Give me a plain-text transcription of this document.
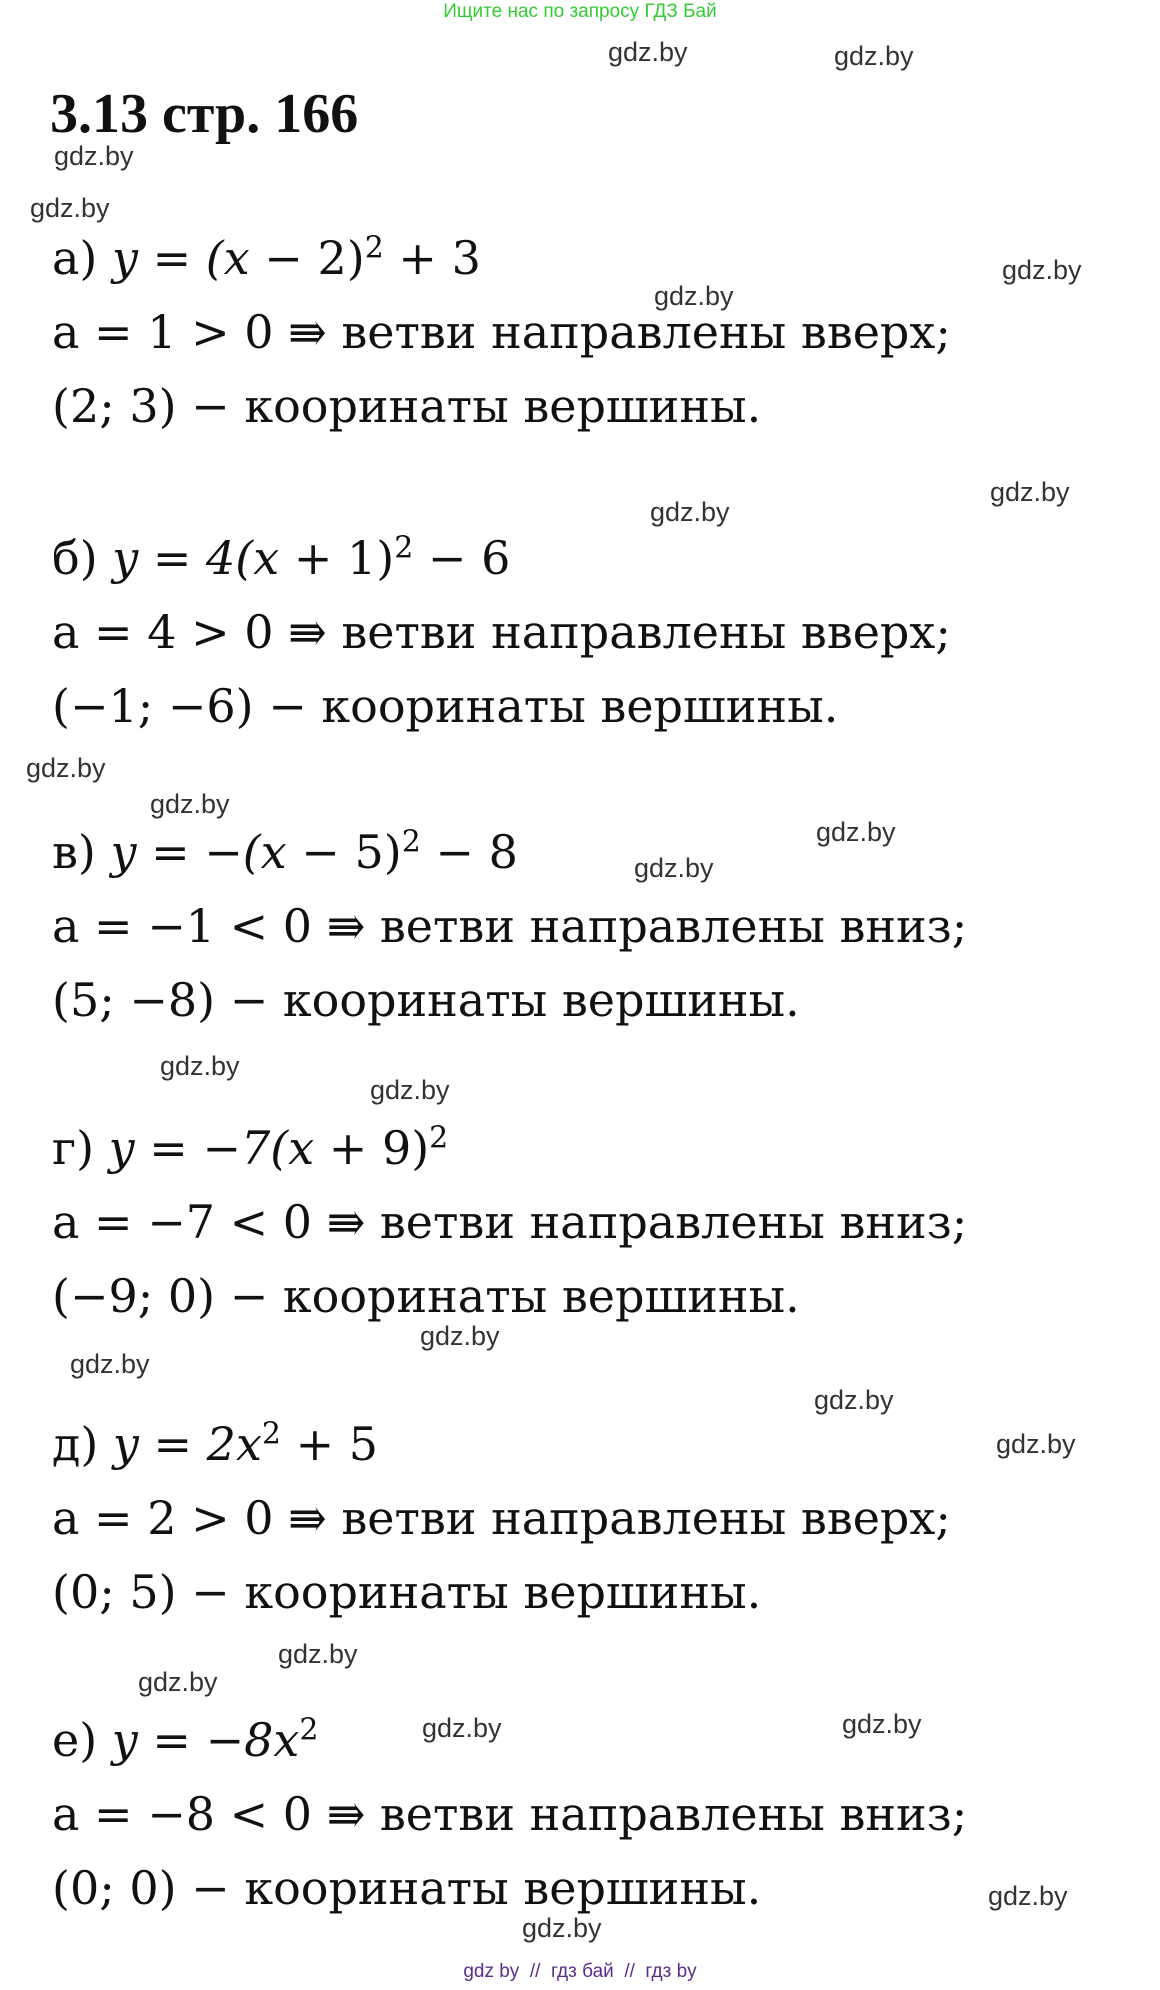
Ищите нас по запросу ГДЗ Бай
3.13 стр. 166
а) $y = (x - 2)^2 + 3$
a = 1 > 0 ⇛ ветви направлены вверх;
(2; 3) − кооринаты вершины.
б) $y = 4(x + 1)^2 - 6$
a = 4 > 0 ⇛ ветви направлены вверх;
(−1; −6) − кооринаты вершины.
в) $y = -(x - 5)^2 - 8$
a = −1 < 0 ⇛ ветви направлены вниз;
(5; −8) − кооринаты вершины.
г) $y = -7(x + 9)^2$
a = −7 < 0 ⇛ ветви направлены вниз;
(−9; 0) − кооринаты вершины.
д) $y = 2x^2 + 5$
a = 2 > 0 ⇛ ветви направлены вверх;
(0; 5) − кооринаты вершины.
е) $y = -8x^2$
a = −8 < 0 ⇛ ветви направлены вниз;
(0; 0) − кооринаты вершины.
gdz.by	gdz.by
gdz.by
gdz.by
gdz.by
gdz.by
gdz.by
gdz.by
gdz.by
gdz.by
gdz.by
gdz.by
gdz.by
gdz.by
gdz.by
gdz.by
gdz.by
gdz.by
gdz.by
gdz.by
gdz.by	gdz.by
gdz.by
gdz.by
gdz by  //  гдз бай  //  гдз by
